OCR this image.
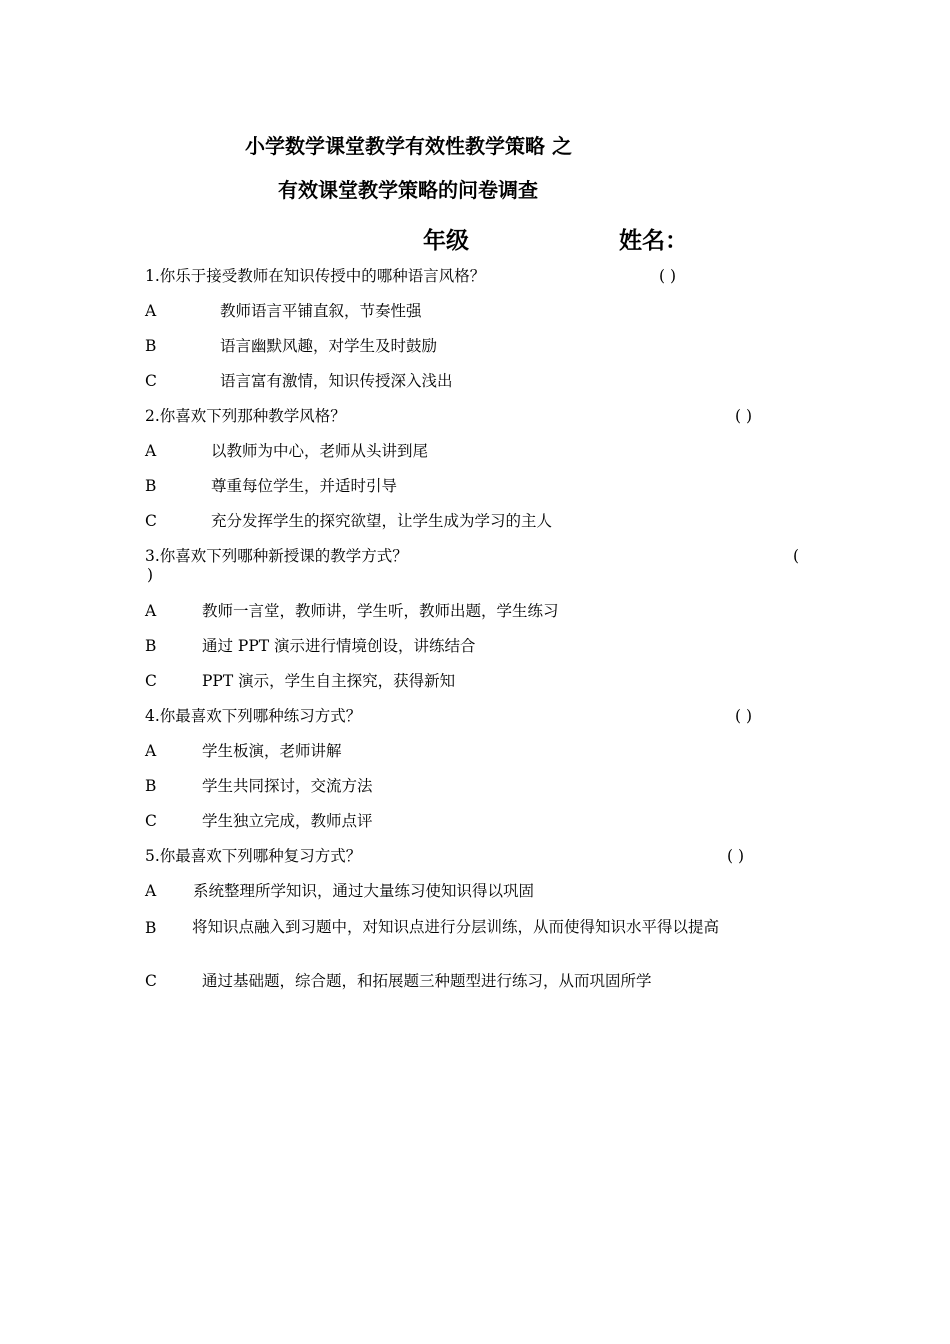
小学数学课堂教学有效性教学策略 之
有效课堂教学策略的问卷调查
年级	姓名：
1.你乐于接受教师在知识传授中的哪种语言风格？	( )
A	教师语言平铺直叙，节奏性强
B	语言幽默风趣，对学生及时鼓励
C	语言富有激情，知识传授深入浅出
2.你喜欢下列那种教学风格？	( )
A	以教师为中心，老师从头讲到尾
B	尊重每位学生，并适时引导
C	充分发挥学生的探究欲望，让学生成为学习的主人
3.你喜欢下列哪种新授课的教学方式？	(
)
A	教师一言堂，教师讲，学生听，教师出题，学生练习
B	通过 PPT 演示进行情境创设，讲练结合
C	PPT 演示，学生自主探究，获得新知
4.你最喜欢下列哪种练习方式？	( )
A	学生板演，老师讲解
B	学生共同探讨，交流方法
C	学生独立完成，教师点评
5.你最喜欢下列哪种复习方式？	( )
A 系统整理所学知识，通过大量练习使知识得以巩固
B	将知识点融入到习题中，对知识点进行分层训练，从而使得知识水平得以提高
C	通过基础题，综合题，和拓展题三种题型进行练习，从而巩固所学
